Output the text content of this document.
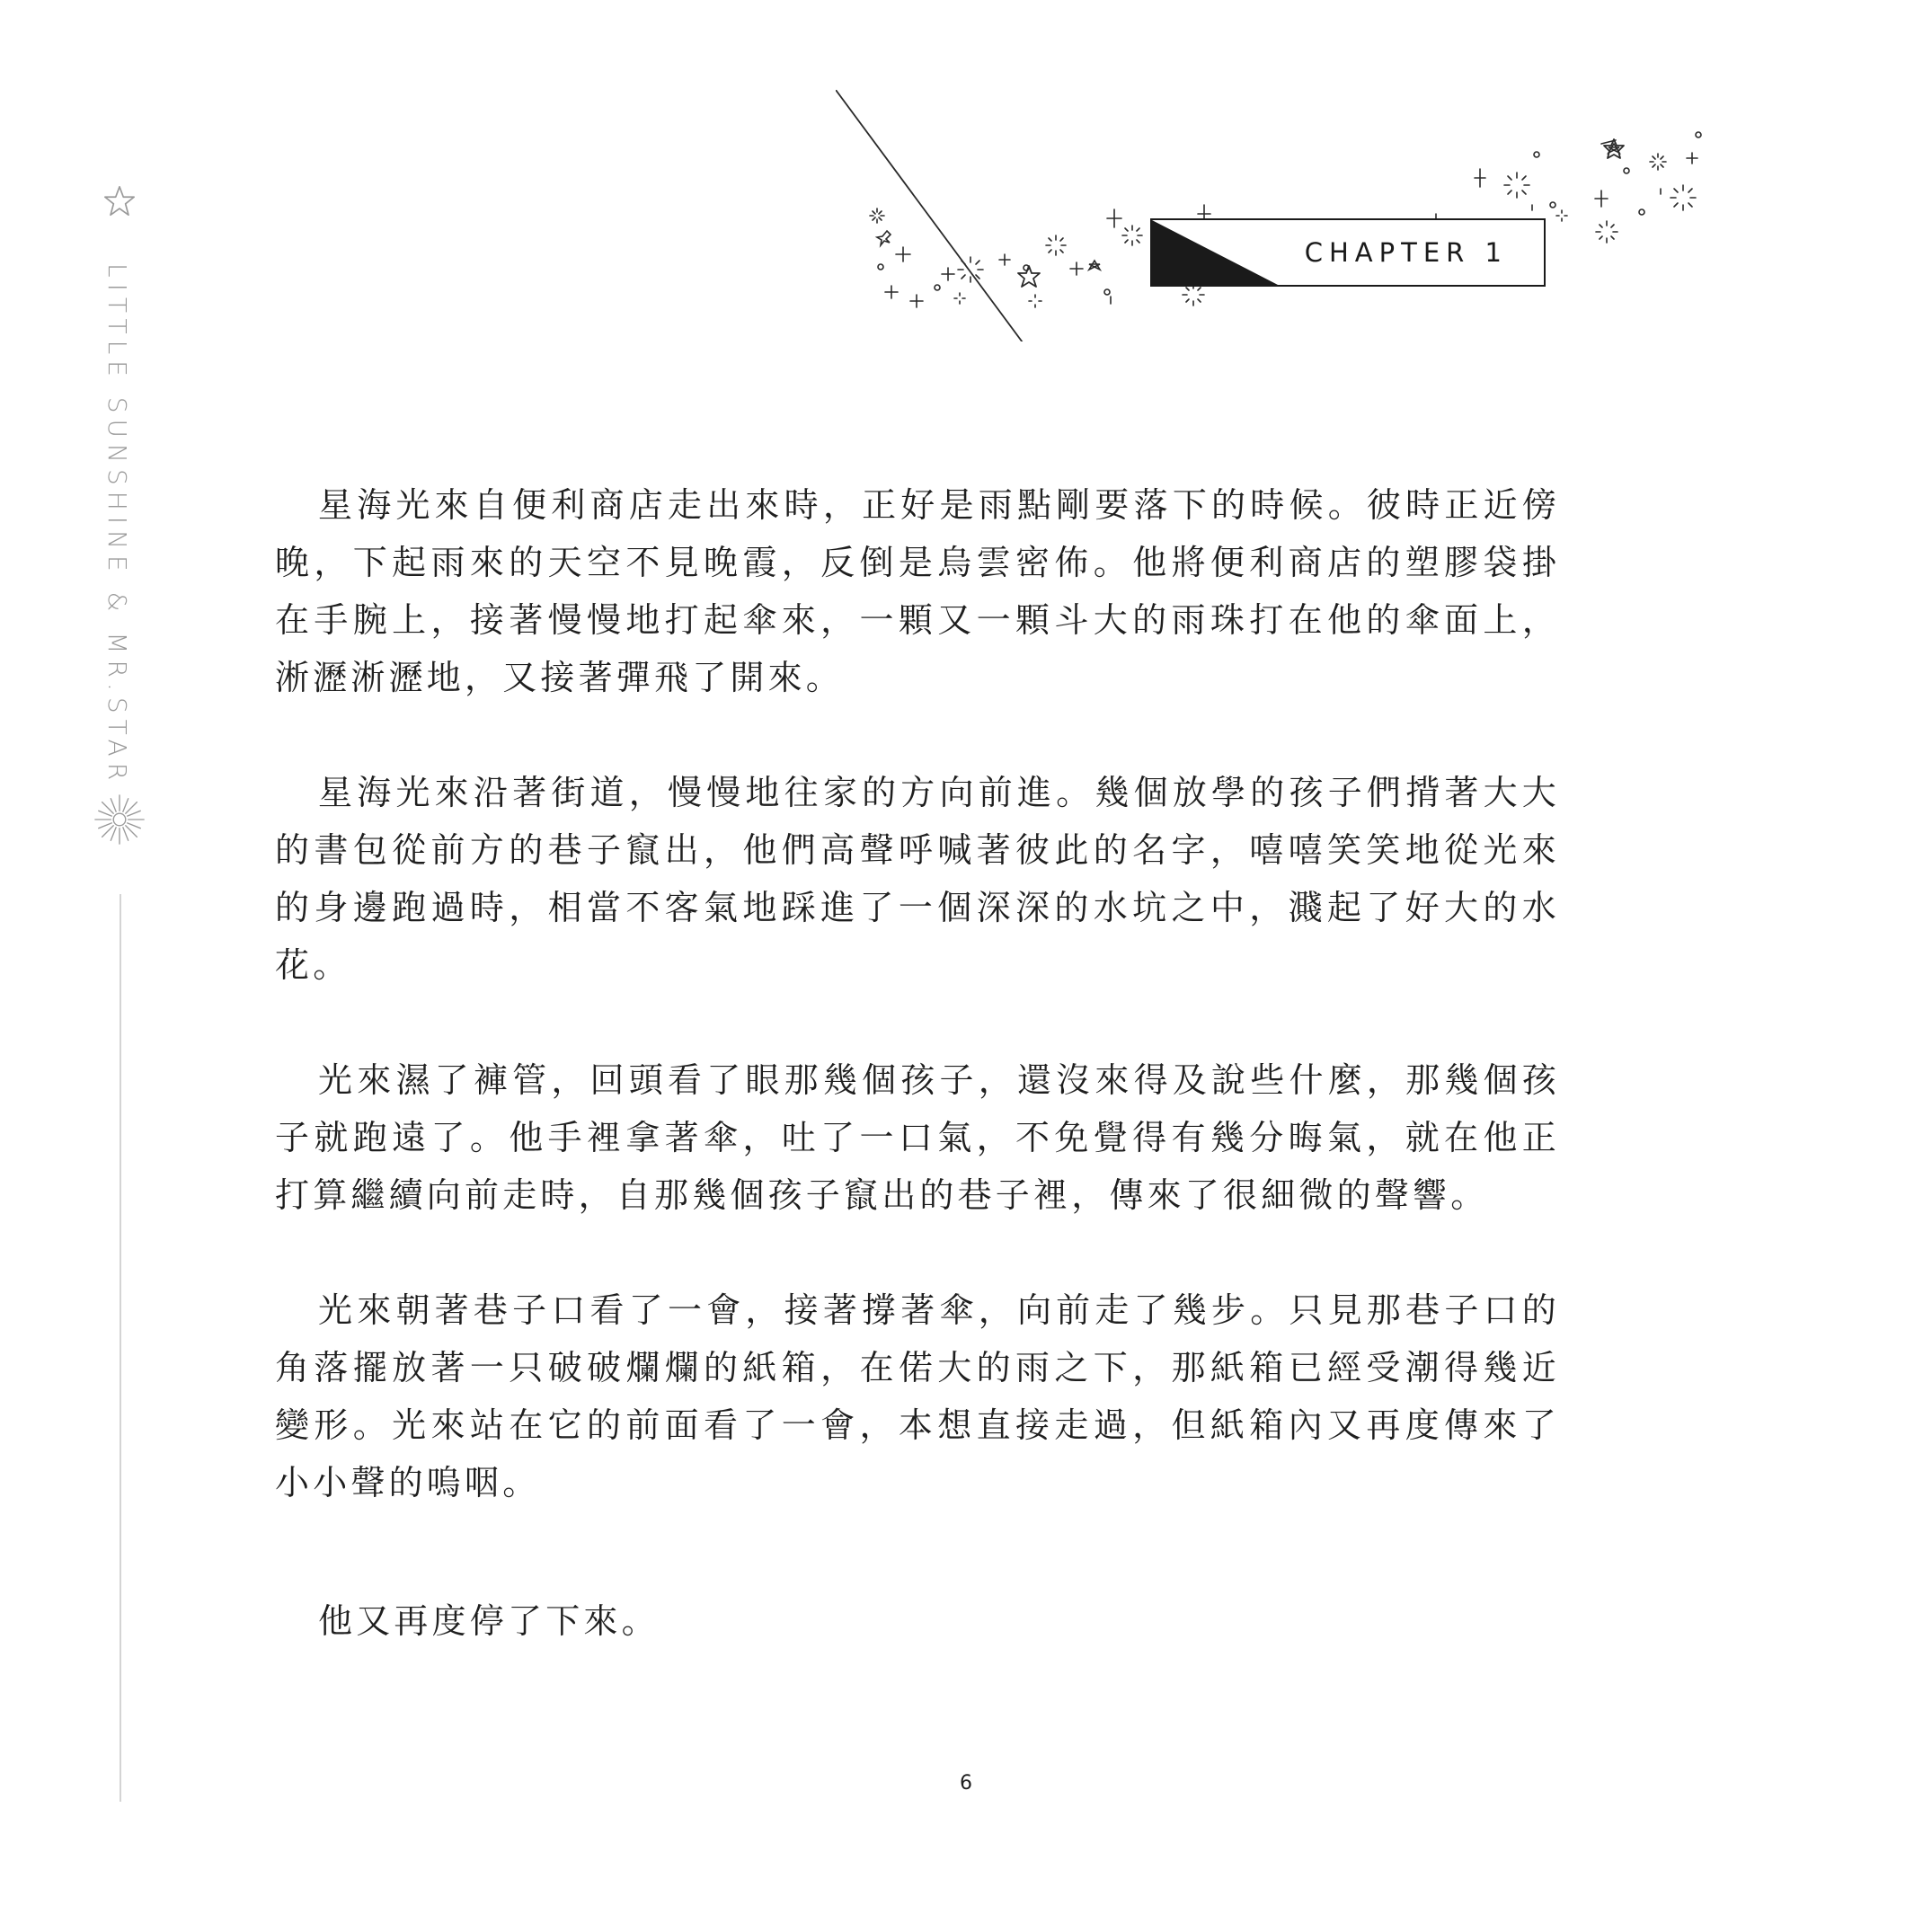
LITTLE SUNSHINE & MR.STAR
CHAPTER 1

星海光來自便利商店走出來時，正好是雨點剛要落下的時候。彼時正近傍晚，下起雨來的天空不見晚霞，反倒是烏雲密佈。他將便利商店的塑膠袋掛在手腕上，接著慢慢地打起傘來，一顆又一顆斗大的雨珠打在他的傘面上，淅瀝淅瀝地，又接著彈飛了開來。

星海光來沿著街道，慢慢地往家的方向前進。幾個放學的孩子們揹著大大的書包從前方的巷子竄出，他們高聲呼喊著彼此的名字，嘻嘻笑笑地從光來的身邊跑過時，相當不客氣地踩進了一個深深的水坑之中，濺起了好大的水花。

光來濕了褲管，回頭看了眼那幾個孩子，還沒來得及說些什麼，那幾個孩子就跑遠了。他手裡拿著傘，吐了一口氣，不免覺得有幾分晦氣，就在他正打算繼續向前走時，自那幾個孩子竄出的巷子裡，傳來了很細微的聲響。

光來朝著巷子口看了一會，接著撐著傘，向前走了幾步。只見那巷子口的角落擺放著一只破破爛爛的紙箱，在偌大的雨之下，那紙箱已經受潮得幾近變形。光來站在它的前面看了一會，本想直接走過，但紙箱內又再度傳來了小小聲的嗚咽。

他又再度停了下來。

6
